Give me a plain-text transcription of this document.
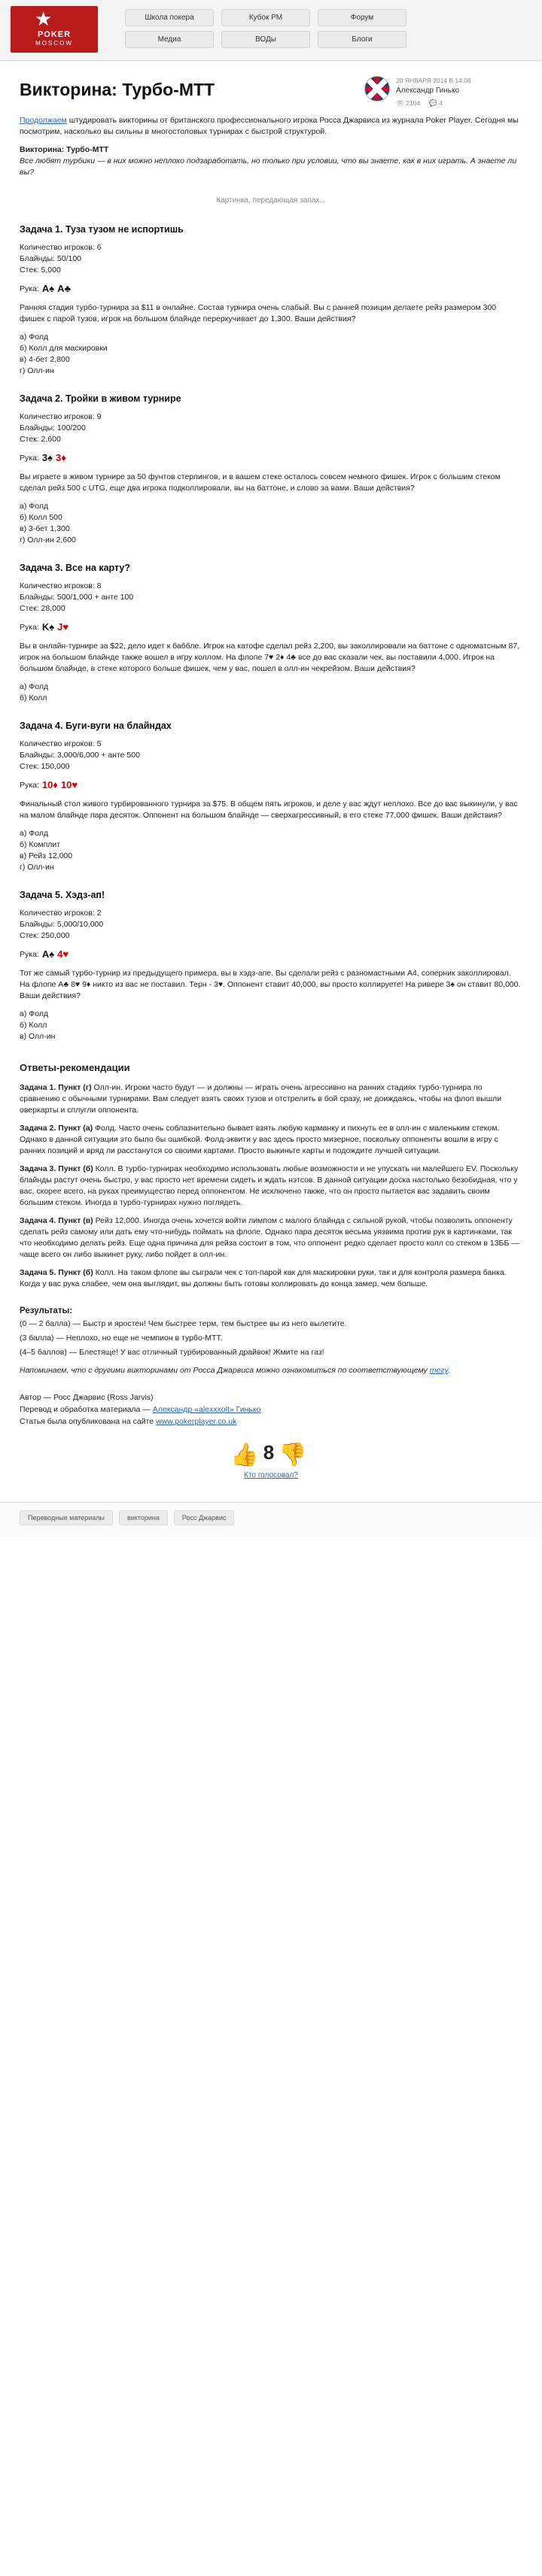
POKER
MOSCOW
Школа покера	Кубок РМ	Форум
Медиа	ВОДы	Блоги
Викторина: Турбо-МТТ	20 ЯНВАРЯ 2014 В 14:06
Александр Гинько
👁 2104 💬 4

Продолжаем штудировать викторины от британского профессионального игрока Росса Джарвиса из журнала Poker Player. Сегодня мы посмотрим, насколько вы сильны в многостоловых турнирах с быстрой структурой.

Викторина: Турбо-МТТ
Все любят турбики — в них можно неплохо подзаработать, но только при условии, что вы знаете, как в них играть. А знаете ли вы?

Картинка, передающая запах...
Задача 1. Туза тузом не испортишь
Количество игроков: 6
Блайнды: 50/100
Стек: 5,000
Рука: A♠ A♣

Ранняя стадия турбо-турнира за $11 в онлайне. Состав турнира очень слабый. Вы с ранней позиции делаете рейз размером 300 фишек с парой тузов, игрок на большом блайнде переркучивает до 1,300. Ваши действия?

а) Фолд
б) Колл для маскировки
в) 4-бет 2,800
г) Олл-ин
Задача 2. Тройки в живом турнире
Количество игроков: 9
Блайнды: 100/200
Стек: 2,600
Рука: 3♠ 3♦

Вы играете в живом турнире за 50 фунтов стерлингов, и в вашем стеке осталось совсем немного фишек. Игрок с большим стеком сделал рейз 500 с UTG, еще два игрока подколлировали, вы на баттоне, и слово за вами. Ваши действия?

а) Фолд
б) Колл 500
в) 3-бет 1,300
г) Олл-ин 2,600
Задача 3. Все на карту?
Количество игроков: 8
Блайнды: 500/1,000 + анте 100
Стек: 28,000
Рука: K♠ J♥

Вы в онлайн-турнире за $22, дело идет к баббле. Игрок на катофе сделал рейз 2,200, вы заколлировали на баттоне с одноматсным 87, игрок на большом блайнде также вошел в игру коллом. На флопе 7♥ 2♦ 4♣ все до вас сказали чек, вы поставили 4,000. Игрок на большом блайнде, в стеке которого больше фишек, чем у вас, пошел в олл-ин чекрейзом. Ваши действия?

а) Фолд
б) Колл
Задача 4. Буги-вуги на блайндах
Количество игроков: 5
Блайнды: 3,000/6,000 + анте 500
Стек: 150,000
Рука: 10♦ 10♥

Финальный стол живого турбированного турнира за $75. В общем пять игроков, и деле у вас ждут неплохо. Все до вас выкинули, у вас на малом блайнде пара десяток. Оппонент на большом блайнде — сверхагрессивный, в его стеке 77,000 фишек. Ваши действия?

а) Фолд
б) Комплит
в) Рейз 12,000
г) Олл-ин
Задача 5. Хэдз-ап!
Количество игроков: 2
Блайнды: 5,000/10,000
Стек: 250,000
Рука: A♠ 4♥

Тот же самый турбо-турнир из предыдущего примера, вы в хэдз-апе. Вы сделали рейз с разномастными A4, соперник заколлировал. На флопе A♣ 8♥ 9♦ никто из вас не поставил. Терн - 3♥. Оппонент ставит 40,000, вы просто коллируете! На ривере 3♠ он ставит 80,000. Ваши действия?

а) Фолд
б) Колл
в) Олл-ин
Ответы-рекомендации

Задача 1. Пункт (г) Олл-ин. Игроки часто будут — и должны — играть очень агрессивно на ранних стадиях турбо-турнира по сравнению с обычными турнирами. Вам следует взять своих тузов и отстрелить в бой сразу, не доиждаясь, чтобы на флоп вышли оверкарты и сплугли оппонента.

Задача 2. Пункт (а) Фолд. Часто очень соблазнительно бывает взять любую карманку и пихнуть ее в олл-ин с маленьким стеком. Однако в данной ситуации это было бы ошибкой. Фолд-эквити у вас здесь просто мизерное, поскольку оппоненты вошли в игру с ранних позиций и вряд ли расстанутся со своими картами. Просто выкиньте карты и подождите лучшей ситуации.

Задача 3. Пункт (б) Колл. В турбо-турнирах необходимо использовать любые возможности и не упускать ни малейшего EV. Поскольку блайнды растут очень быстро, у вас просто нет времени сидеть и ждать нэтсов. В данной ситуации доска настолько безобидная, что у вас, скорее всего, на руках преимущество перед оппонентом. Не исключено также, что он просто пытается вас задавить своим большим стеком. Иногда в турбо-турнирах нужно поглядеть.

Задача 4. Пункт (в) Рейз 12,000. Иногда очень хочется войти лимпом с малого блайнда с сильной рукой, чтобы позволить оппоненту сделать рейз самому или дать ему что-нибудь поймать на флопе. Однако пара десяток весьма уязвима против рук в картинками, так что необходимо делать рейз. Еще одна причина для рейза состоит в том, что оппонент редко сделает просто колл со стеком в 13ББ — чаще всего он либо выкинет руку, либо пойдет в олл-ин.

Задача 5. Пункт (б) Колл. На таком флопе вы сыграли чек с топ-парой как для маскировки руки, так и для контроля размера банка. Когда у вас рука слабее, чем она выглядит, вы должны быть готовы коллировать до конца замер, чем больше.

Результаты:
(0 — 2 балла) — Быстр и яростен! Чем быстрее терм, тем быстрее вы из него вылетите.
(3 балла) — Неплохо, но еще не чемпион в турбо-МТТ.
(4–5 баллов) — Блестяще! У вас отличный турбированный драйвок! Жмите на газ!

Напоминаем, что с другими викторинами от Росса Джарвиса можно ознакомиться по соответствующему тегу.

Автор — Росс Джарвис (Ross Jarvis)
Перевод и обработка материала — Александр «alexxxolt» Гинько
Статья была опубликована на сайте www.pokerplayer.co.uk
👍8👎
Кто голосовал?
Переводные материалы	викторина	Росс Джарвис
